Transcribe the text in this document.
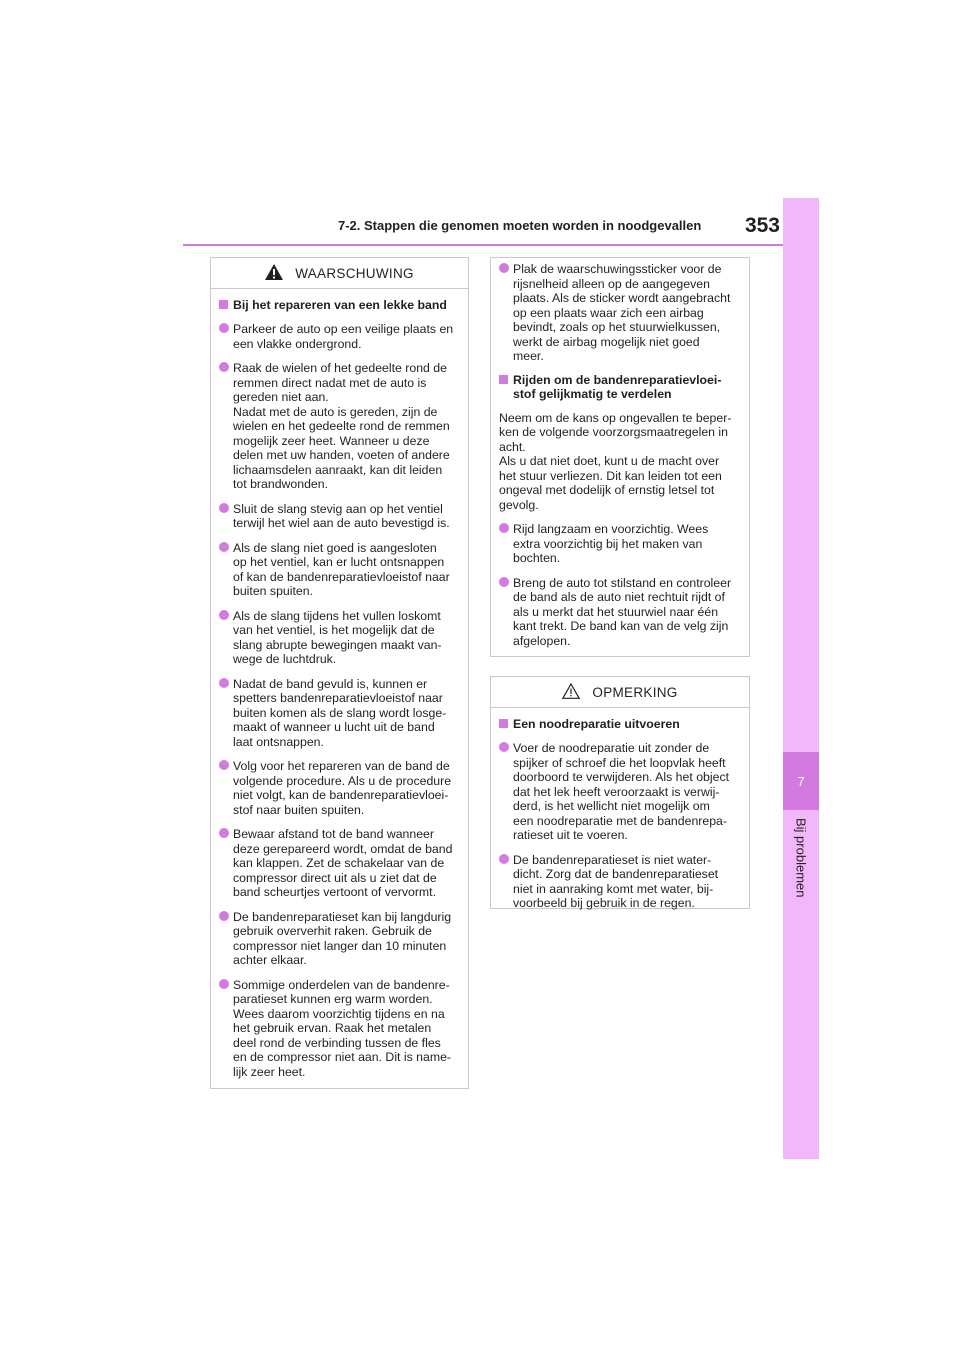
7-2. Stappen die genomen moeten worden in noodgevallen	353
7
Bij problemen
WAARSCHUWING
Bij het repareren van een lekke band
Parkeer de auto op een veilige plaats en
een vlakke ondergrond.
Raak de wielen of het gedeelte rond de
remmen direct nadat met de auto is
gereden niet aan.
Nadat met de auto is gereden, zijn de
wielen en het gedeelte rond de remmen
mogelijk zeer heet. Wanneer u deze
delen met uw handen, voeten of andere
lichaamsdelen aanraakt, kan dit leiden
tot brandwonden.
Sluit de slang stevig aan op het ventiel
terwijl het wiel aan de auto bevestigd is.
Als de slang niet goed is aangesloten
op het ventiel, kan er lucht ontsnappen
of kan de bandenreparatievloeistof naar
buiten spuiten.
Als de slang tijdens het vullen loskomt
van het ventiel, is het mogelijk dat de
slang abrupte bewegingen maakt van-
wege de luchtdruk.
Nadat de band gevuld is, kunnen er
spetters bandenreparatievloeistof naar
buiten komen als de slang wordt losge-
maakt of wanneer u lucht uit de band
laat ontsnappen.
Volg voor het repareren van de band de
volgende procedure. Als u de procedure
niet volgt, kan de bandenreparatievloei-
stof naar buiten spuiten.
Bewaar afstand tot de band wanneer
deze gerepareerd wordt, omdat de band
kan klappen. Zet de schakelaar van de
compressor direct uit als u ziet dat de
band scheurtjes vertoont of vervormt.
De bandenreparatieset kan bij langdurig
gebruik oververhit raken. Gebruik de
compressor niet langer dan 10 minuten
achter elkaar.
Sommige onderdelen van de bandenre-
paratieset kunnen erg warm worden.
Wees daarom voorzichtig tijdens en na
het gebruik ervan. Raak het metalen
deel rond de verbinding tussen de fles
en de compressor niet aan. Dit is name-
lijk zeer heet.
Plak de waarschuwingssticker voor de
rijsnelheid alleen op de aangegeven
plaats. Als de sticker wordt aangebracht
op een plaats waar zich een airbag
bevindt, zoals op het stuurwielkussen,
werkt de airbag mogelijk niet goed
meer.
Rijden om de bandenreparatievloei-
stof gelijkmatig te verdelen
Neem om de kans op ongevallen te beper-
ken de volgende voorzorgsmaatregelen in
acht.
Als u dat niet doet, kunt u de macht over
het stuur verliezen. Dit kan leiden tot een
ongeval met dodelijk of ernstig letsel tot
gevolg.
Rijd langzaam en voorzichtig. Wees
extra voorzichtig bij het maken van
bochten.
Breng de auto tot stilstand en controleer
de band als de auto niet rechtuit rijdt of
als u merkt dat het stuurwiel naar één
kant trekt. De band kan van de velg zijn
afgelopen.
OPMERKING
Een noodreparatie uitvoeren
Voer de noodreparatie uit zonder de
spijker of schroef die het loopvlak heeft
doorboord te verwijderen. Als het object
dat het lek heeft veroorzaakt is verwij-
derd, is het wellicht niet mogelijk om
een noodreparatie met de bandenrepa-
ratieset uit te voeren.
De bandenreparatieset is niet water-
dicht. Zorg dat de bandenreparatieset
niet in aanraking komt met water, bij-
voorbeeld bij gebruik in de regen.
